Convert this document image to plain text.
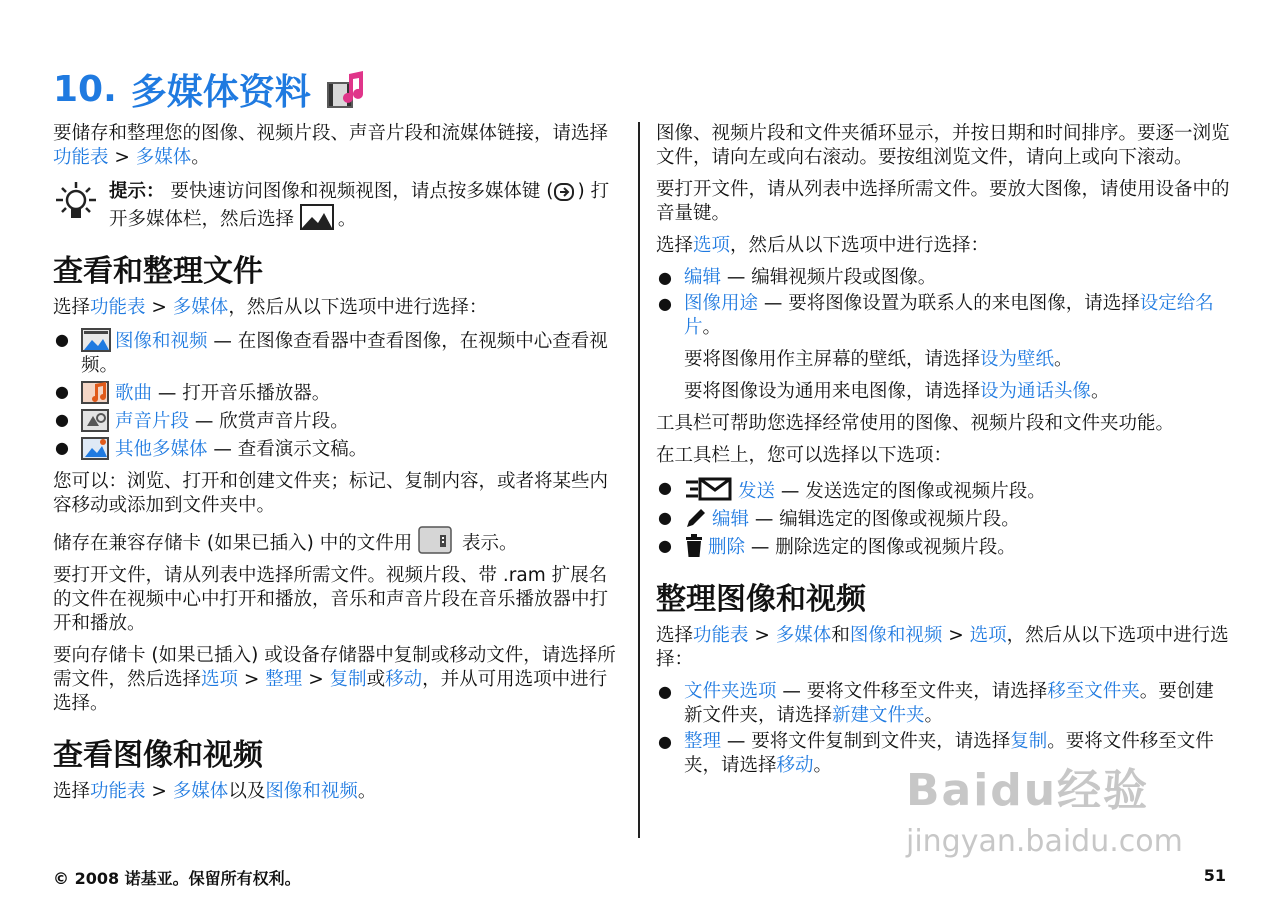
10. 多媒体资料

要储存和整理您的图像、视频片段、声音片段和流媒体链接，请选择功能表 > 多媒体。

提示： 要快速访问图像和视频视图，请点按多媒体键 ( ) 打开多媒体栏，然后选择 。
查看和整理文件

选择功能表 > 多媒体，然后从以下选项中进行选择：

● 图像和视频 — 在图像查看器中查看图像，在视频中心查看视频。
● 歌曲 — 打开音乐播放器。
● 声音片段 — 欣赏声音片段。
● 其他多媒体 — 查看演示文稿。

您可以：浏览、打开和创建文件夹；标记、复制内容，或者将某些内容移动或添加到文件夹中。

储存在兼容存储卡 (如果已插入) 中的文件用  表示。

要打开文件，请从列表中选择所需文件。视频片段、带 .ram 扩展名的文件在视频中心中打开和播放，音乐和声音片段在音乐播放器中打开和播放。

要向存储卡 (如果已插入) 或设备存储器中复制或移动文件，请选择所需文件，然后选择选项 > 整理 > 复制或移动，并从可用选项中进行选择。

查看图像和视频

选择功能表 > 多媒体以及图像和视频。

图像、视频片段和文件夹循环显示，并按日期和时间排序。要逐一浏览文件，请向左或向右滚动。要按组浏览文件，请向上或向下滚动。

要打开文件，请从列表中选择所需文件。要放大图像，请使用设备中的音量键。

选择选项，然后从以下选项中进行选择：

● 编辑 — 编辑视频片段或图像。
● 图像用途 — 要将图像设置为联系人的来电图像，请选择设定给名片。

要将图像用作主屏幕的壁纸，请选择设为壁纸。

要将图像设为通用来电图像，请选择设为通话头像。

工具栏可帮助您选择经常使用的图像、视频片段和文件夹功能。

在工具栏上，您可以选择以下选项：

● 发送 — 发送选定的图像或视频片段。
● 编辑 — 编辑选定的图像或视频片段。
● 删除 — 删除选定的图像或视频片段。
整理图像和视频

选择功能表 > 多媒体和图像和视频 > 选项，然后从以下选项中进行选择：

● 文件夹选项 — 要将文件移至文件夹，请选择移至文件夹。要创建新文件夹，请选择新建文件夹。
● 整理 — 要将文件复制到文件夹，请选择复制。要将文件移至文件夹，请选择移动。	Baidu经验
jingyan.baidu.com
© 2008 诺基亚。保留所有权利。	51
